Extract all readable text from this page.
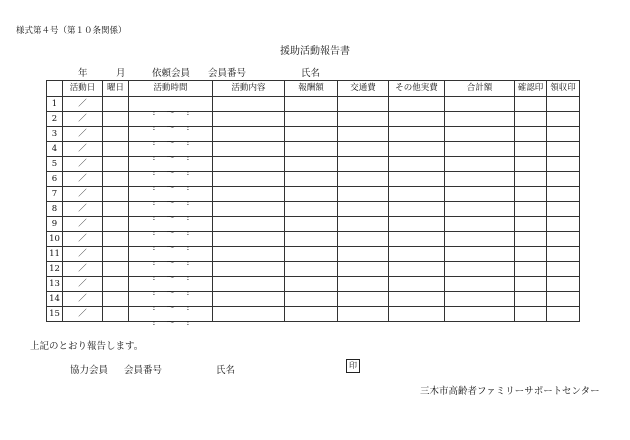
様式第４号（第１０条関係）
援助活動報告書
年	月	依頼会員 会員番号	氏名
	活動日	曜日	活動時間	活動内容	報酬額	交通費	その他実費	合計額	確認印	領収印
1	／		: 〜 :							

2	／		: 〜 :							

3	／		: 〜 :							

4	／		: 〜 :							

5	／		: 〜 :							

6	／		: 〜 :							

7	／		: 〜 :							

8	／		: 〜 :							

9	／		: 〜 :							

10	／		: 〜 :							

11	／		: 〜 :							

12	／		: 〜 :							

13	／		: 〜 :							

14	／		: 〜 :							

15	／		: 〜 :							

上記のとおり報告します。
協力会員 会員番号	氏名	印
三木市高齢者ファミリーサポートセンター
